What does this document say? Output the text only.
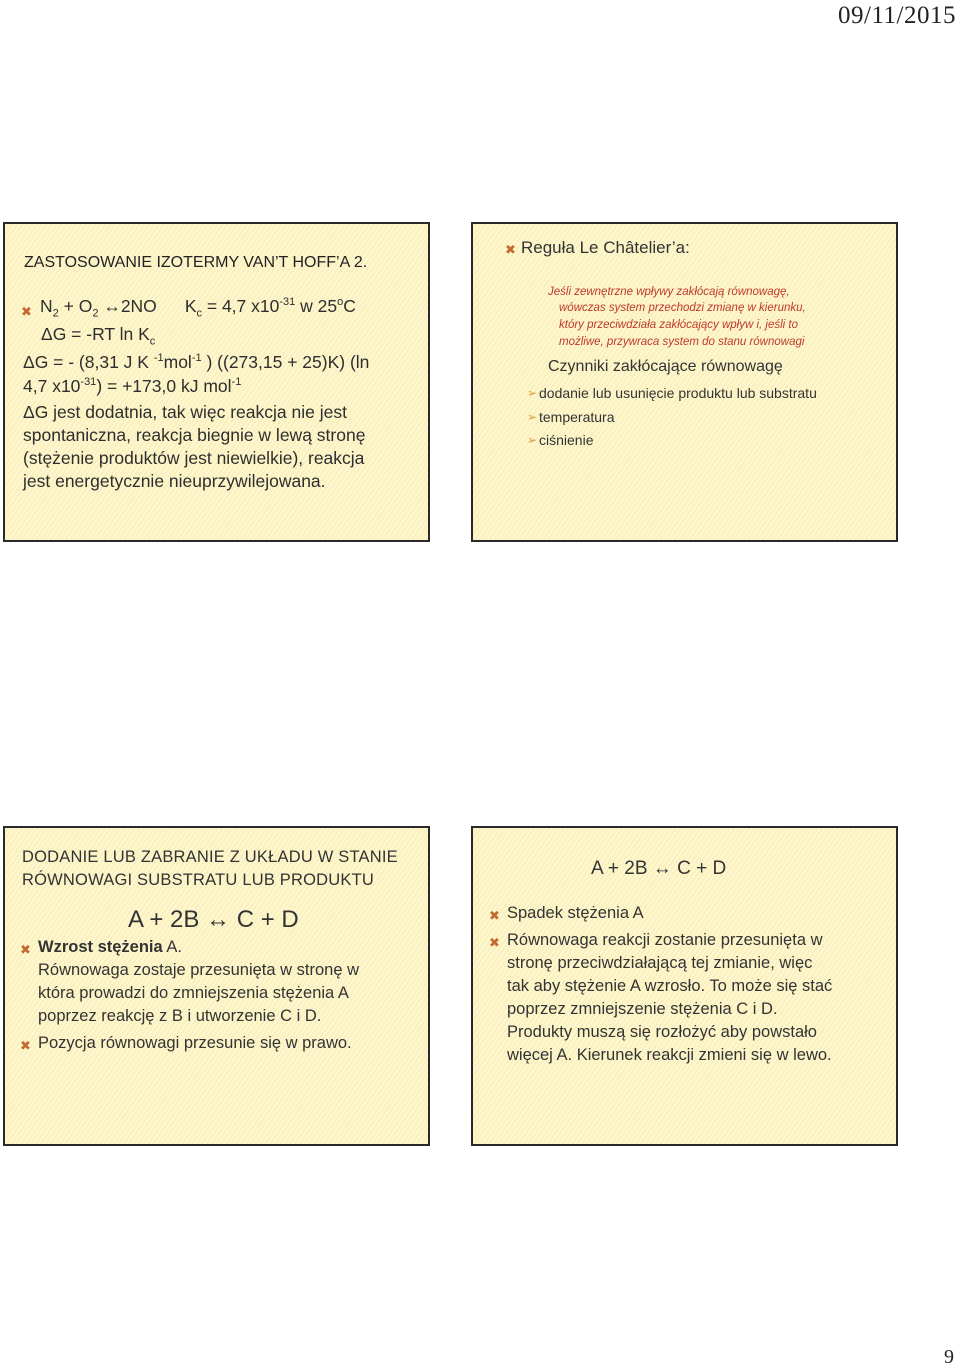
09/11/2015
ZASTOSOWANIE IZOTERMY VAN’T HOFF’A 2.
✖ $N_2 + O_2$ ↔2NO $K_c = 4,7$ $x10^{-31}$ w 25$^o$C
ΔG = -RT $\ln K_c$
ΔG = - (8,31 J K $^{-1}$mol$^{-1}$ ) ((273,15 + 25)K) (ln
4,7 $x10^{-31}) = +173,0$ kJ mol$^{-1}$
ΔG jest dodatnia, tak więc reakcja nie jest
spontaniczna, reakcja biegnie w lewą stronę
(stężenie produktów jest niewielkie), reakcja
jest energetycznie nieuprzywilejowana.
✖ Reguła Le Châtelier’a:
Jeśli zewnętrzne wpływy zakłócają równowagę,
wówczas system przechodzi zmianę w kierunku,
który przeciwdziała zakłócający wpływ i, jeśli to
możliwe, przywraca system do stanu równowagi
Czynniki zakłócające równowagę
➢ dodanie lub usunięcie produktu lub substratu
➢ temperatura
➢ ciśnienie
DODANIE LUB ZABRANIE Z UKŁADU W STANIE
RÓWNOWAGI SUBSTRATU LUB PRODUKTU
A + 2B ↔ C + D
✖ Wzrost stężenia A.
Równowaga zostaje przesunięta w stronę w
która prowadzi do zmniejszenia stężenia A
poprzez reakcję z B i utworzenie C i D.
✖ Pozycja równowagi przesunie się w prawo.
A + 2B ↔ C + D
✖ Spadek stężenia A
✖ Równowaga reakcji zostanie przesunięta w
stronę przeciwdziałającą tej zmianie, więc
tak aby stężenie A wzrosło. To może się stać
poprzez zmniejszenie stężenia C i D.
Produkty muszą się rozłożyć aby powstało
więcej A. Kierunek reakcji zmieni się w lewo.
9
